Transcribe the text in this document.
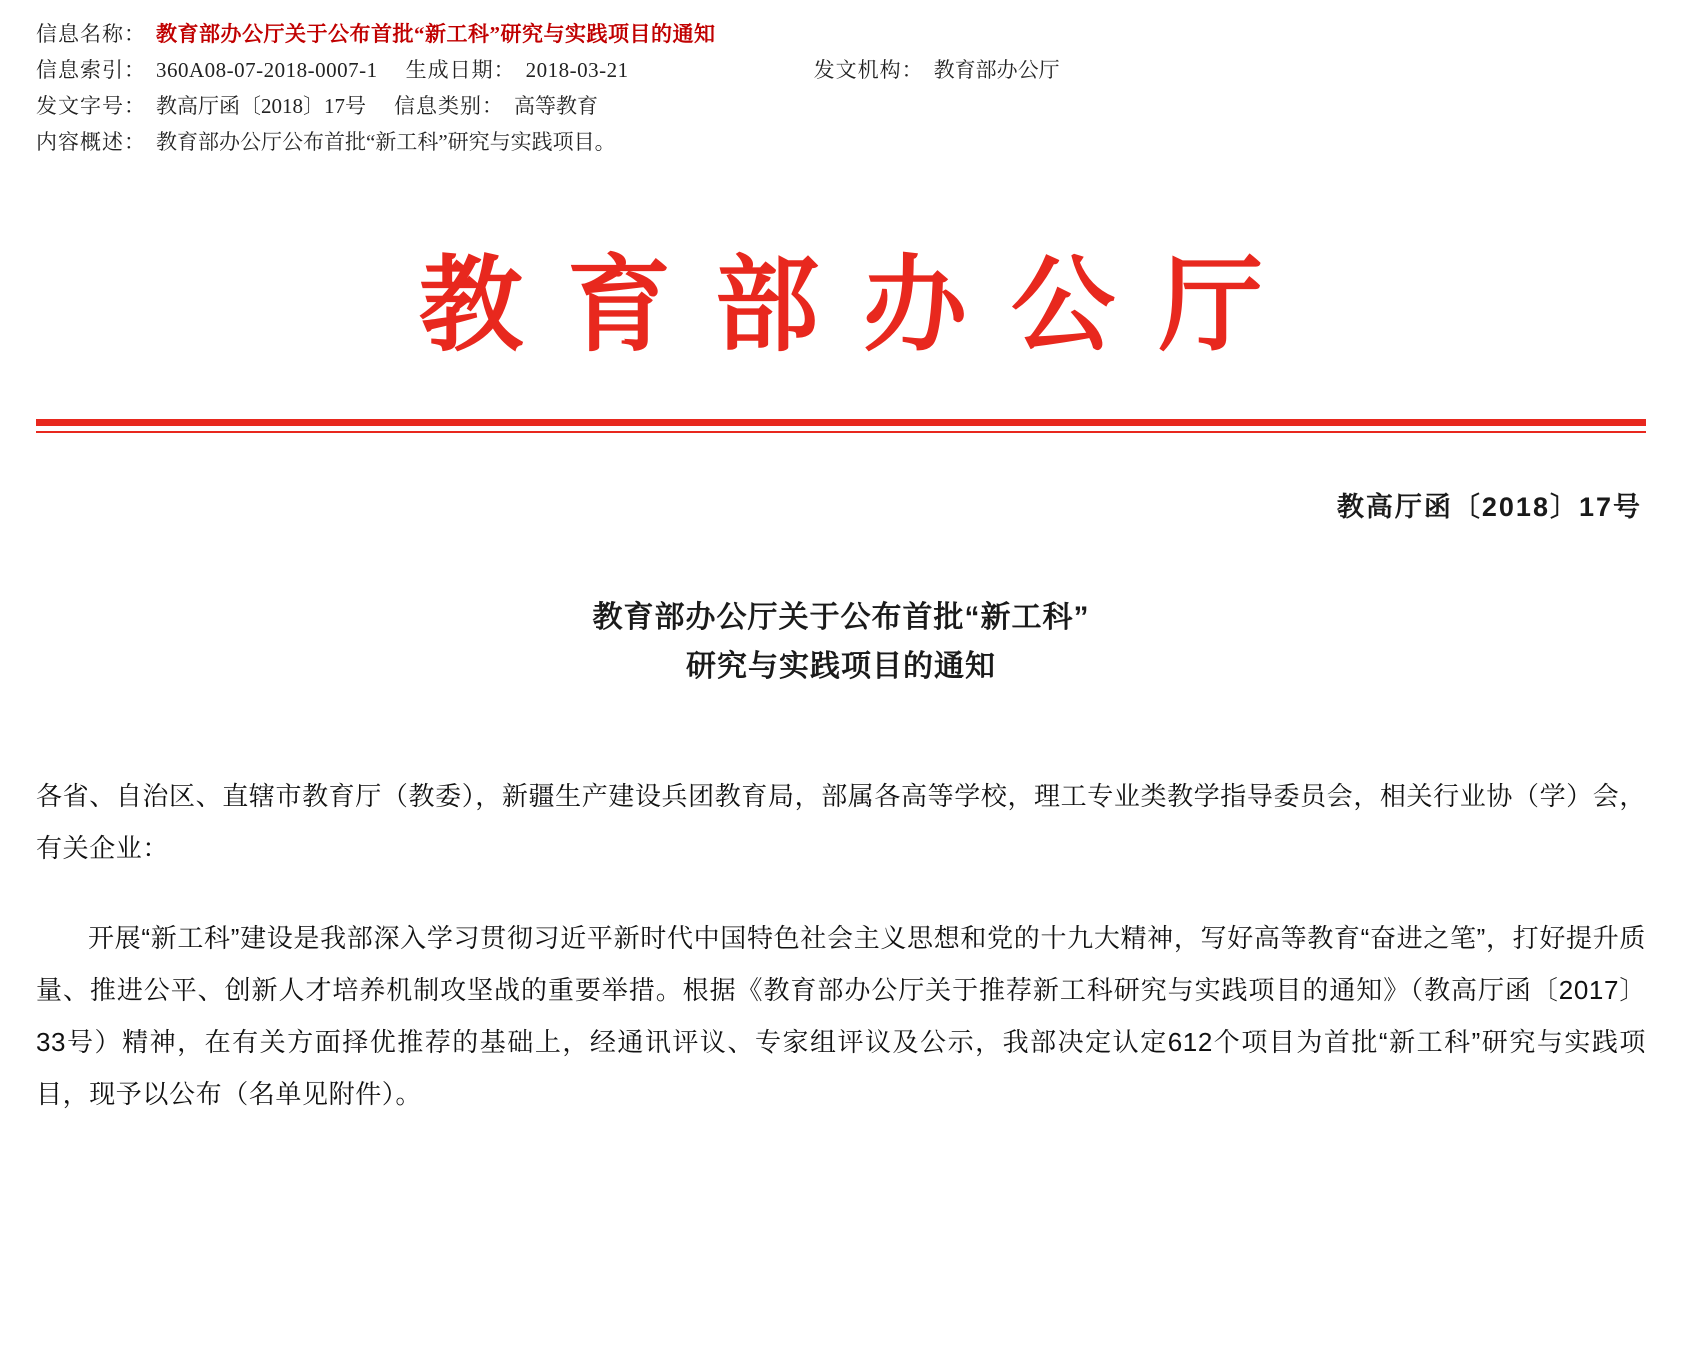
信息名称： 教育部办公厅关于公布首批“新工科”研究与实践项目的通知
信息索引： 360A08-07-2018-0007-1	生成日期： 2018-03-21	发文机构： 教育部办公厅
发文字号： 教高厅函〔2018〕17号	信息类别： 高等教育
内容概述： 教育部办公厅公布首批“新工科”研究与实践项目。
教育部办公厅
教高厅函〔2018〕17号
教育部办公厅关于公布首批“新工科”
研究与实践项目的通知

各省、自治区、直辖市教育厅（教委），新疆生产建设兵团教育局，部属各高等学校，理工专业类教学指导委员会，相关行业协（学）会，有关企业：

开展“新工科”建设是我部深入学习贯彻习近平新时代中国特色社会主义思想和党的十九大精神，写好高等教育“奋进之笔”，打好提升质量、推进公平、创新人才培养机制攻坚战的重要举措。根据《教育部办公厅关于推荐新工科研究与实践项目的通知》（教高厅函〔2017〕33号）精神，在有关方面择优推荐的基础上，经通讯评议、专家组评议及公示，我部决定认定612个项目为首批“新工科”研究与实践项目，现予以公布（名单见附件）。
